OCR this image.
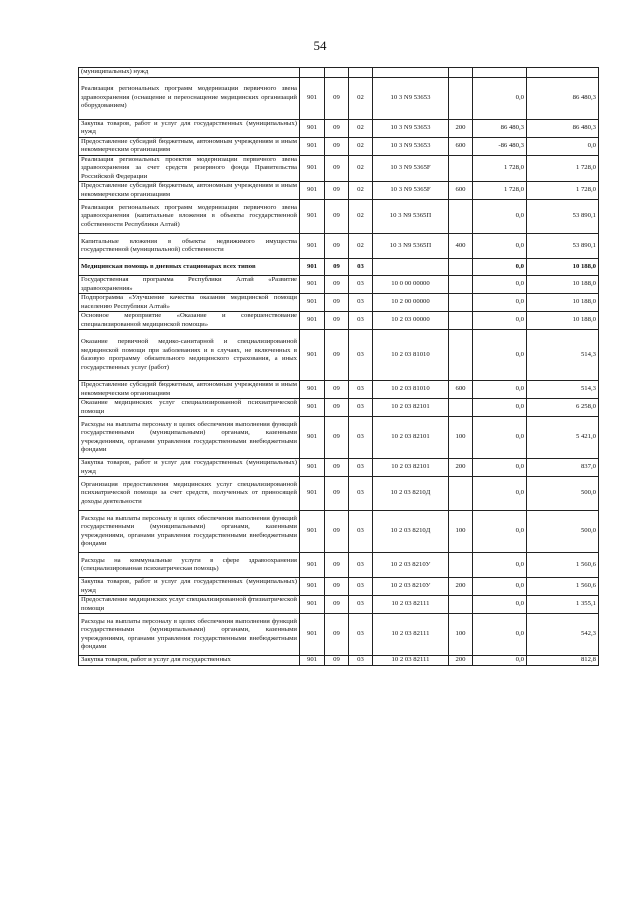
54
(муниципальных) нужд							
Реализация региональных программ модернизации первичного звена здравоохранения (оснащение и переоснащение медицинских организаций оборудованием)	901	09	02	10 3 N9 53653		0,0	86 480,3
Закупка товаров, работ и услуг для государственных (муниципальных) нужд	901	09	02	10 3 N9 53653	200	86 480,3	86 480,3
Предоставление субсидий бюджетным, автономным учреждениям и иным некоммерческим организациям	901	09	02	10 3 N9 53653	600	-86 480,3	0,0
Реализация региональных проектов модернизации первичного звена здравоохранения за счет средств резервного фонда Правительства Российской Федерации	901	09	02	10 3 N9 5365F		1 728,0	1 728,0
Предоставление субсидий бюджетным, автономным учреждениям и иным некоммерческим организациям	901	09	02	10 3 N9 5365F	600	1 728,0	1 728,0
Реализация региональных программ модернизации первичного звена здравоохранения (капитальные вложения в объекты государственной собственности Республики Алтай)	901	09	02	10 3 N9 5365П		0,0	53 890,1
Капитальные вложения в объекты недвижимого имущества государственной (муниципальной) собственности	901	09	02	10 3 N9 5365П	400	0,0	53 890,1
Медицинская помощь в дневных стационарах всех типов	901	09	03			0,0	10 188,0
Государственная программа Республики Алтай «Развитие здравоохранения»	901	09	03	10 0 00 00000		0,0	10 188,0
Подпрограмма «Улучшение качества оказания медицинской помощи населению Республики Алтай»	901	09	03	10 2 00 00000		0,0	10 188,0
Основное мероприятие «Оказание и совершенствование специализированной медицинской помощи»	901	09	03	10 2 03 00000		0,0	10 188,0
Оказание первичной медико-санитарной и специализированной медицинской помощи при заболеваниях и в случаях, не включенных в базовую программу обязательного медицинского страхования, а иных государственных услуг (работ)	901	09	03	10 2 03 81010		0,0	514,3
Предоставление субсидий бюджетным, автономным учреждениям и иным некоммерческим организациям	901	09	03	10 2 03 81010	600	0,0	514,3
Оказание медицинских услуг специализированной психиатрической помощи	901	09	03	10 2 03 82101		0,0	6 258,0
Расходы на выплаты персоналу в целях обеспечения выполнения функций государственными (муниципальными) органами, казенными учреждениями, органами управления государственными внебюджетными фондами	901	09	03	10 2 03 82101	100	0,0	5 421,0
Закупка товаров, работ и услуг для государственных (муниципальных) нужд	901	09	03	10 2 03 82101	200	0,0	837,0
Организация предоставления медицинских услуг специализированной психиатрической помощи за счет средств, полученных от приносящей доходы деятельности	901	09	03	10 2 03 8210Д		0,0	500,0
Расходы на выплаты персоналу в целях обеспечения выполнения функций государственными (муниципальными) органами, казенными учреждениями, органами управления государственными внебюджетными фондами	901	09	03	10 2 03 8210Д	100	0,0	500,0
Расходы на коммунальные услуги в сфере здравоохранения (специализированная психиатрическая помощь)	901	09	03	10 2 03 8210У		0,0	1 560,6
Закупка товаров, работ и услуг для государственных (муниципальных) нужд	901	09	03	10 2 03 8210У	200	0,0	1 560,6
Предоставление медицинских услуг специализированной фтизиатрической помощи	901	09	03	10 2 03 82111		0,0	1 355,1
Расходы на выплаты персоналу в целях обеспечения выполнения функций государственными (муниципальными) органами, казенными учреждениями, органами управления государственными внебюджетными фондами	901	09	03	10 2 03 82111	100	0,0	542,3
Закупка товаров, работ и услуг для государственных	901	09	03	10 2 03 82111	200	0,0	812,8
